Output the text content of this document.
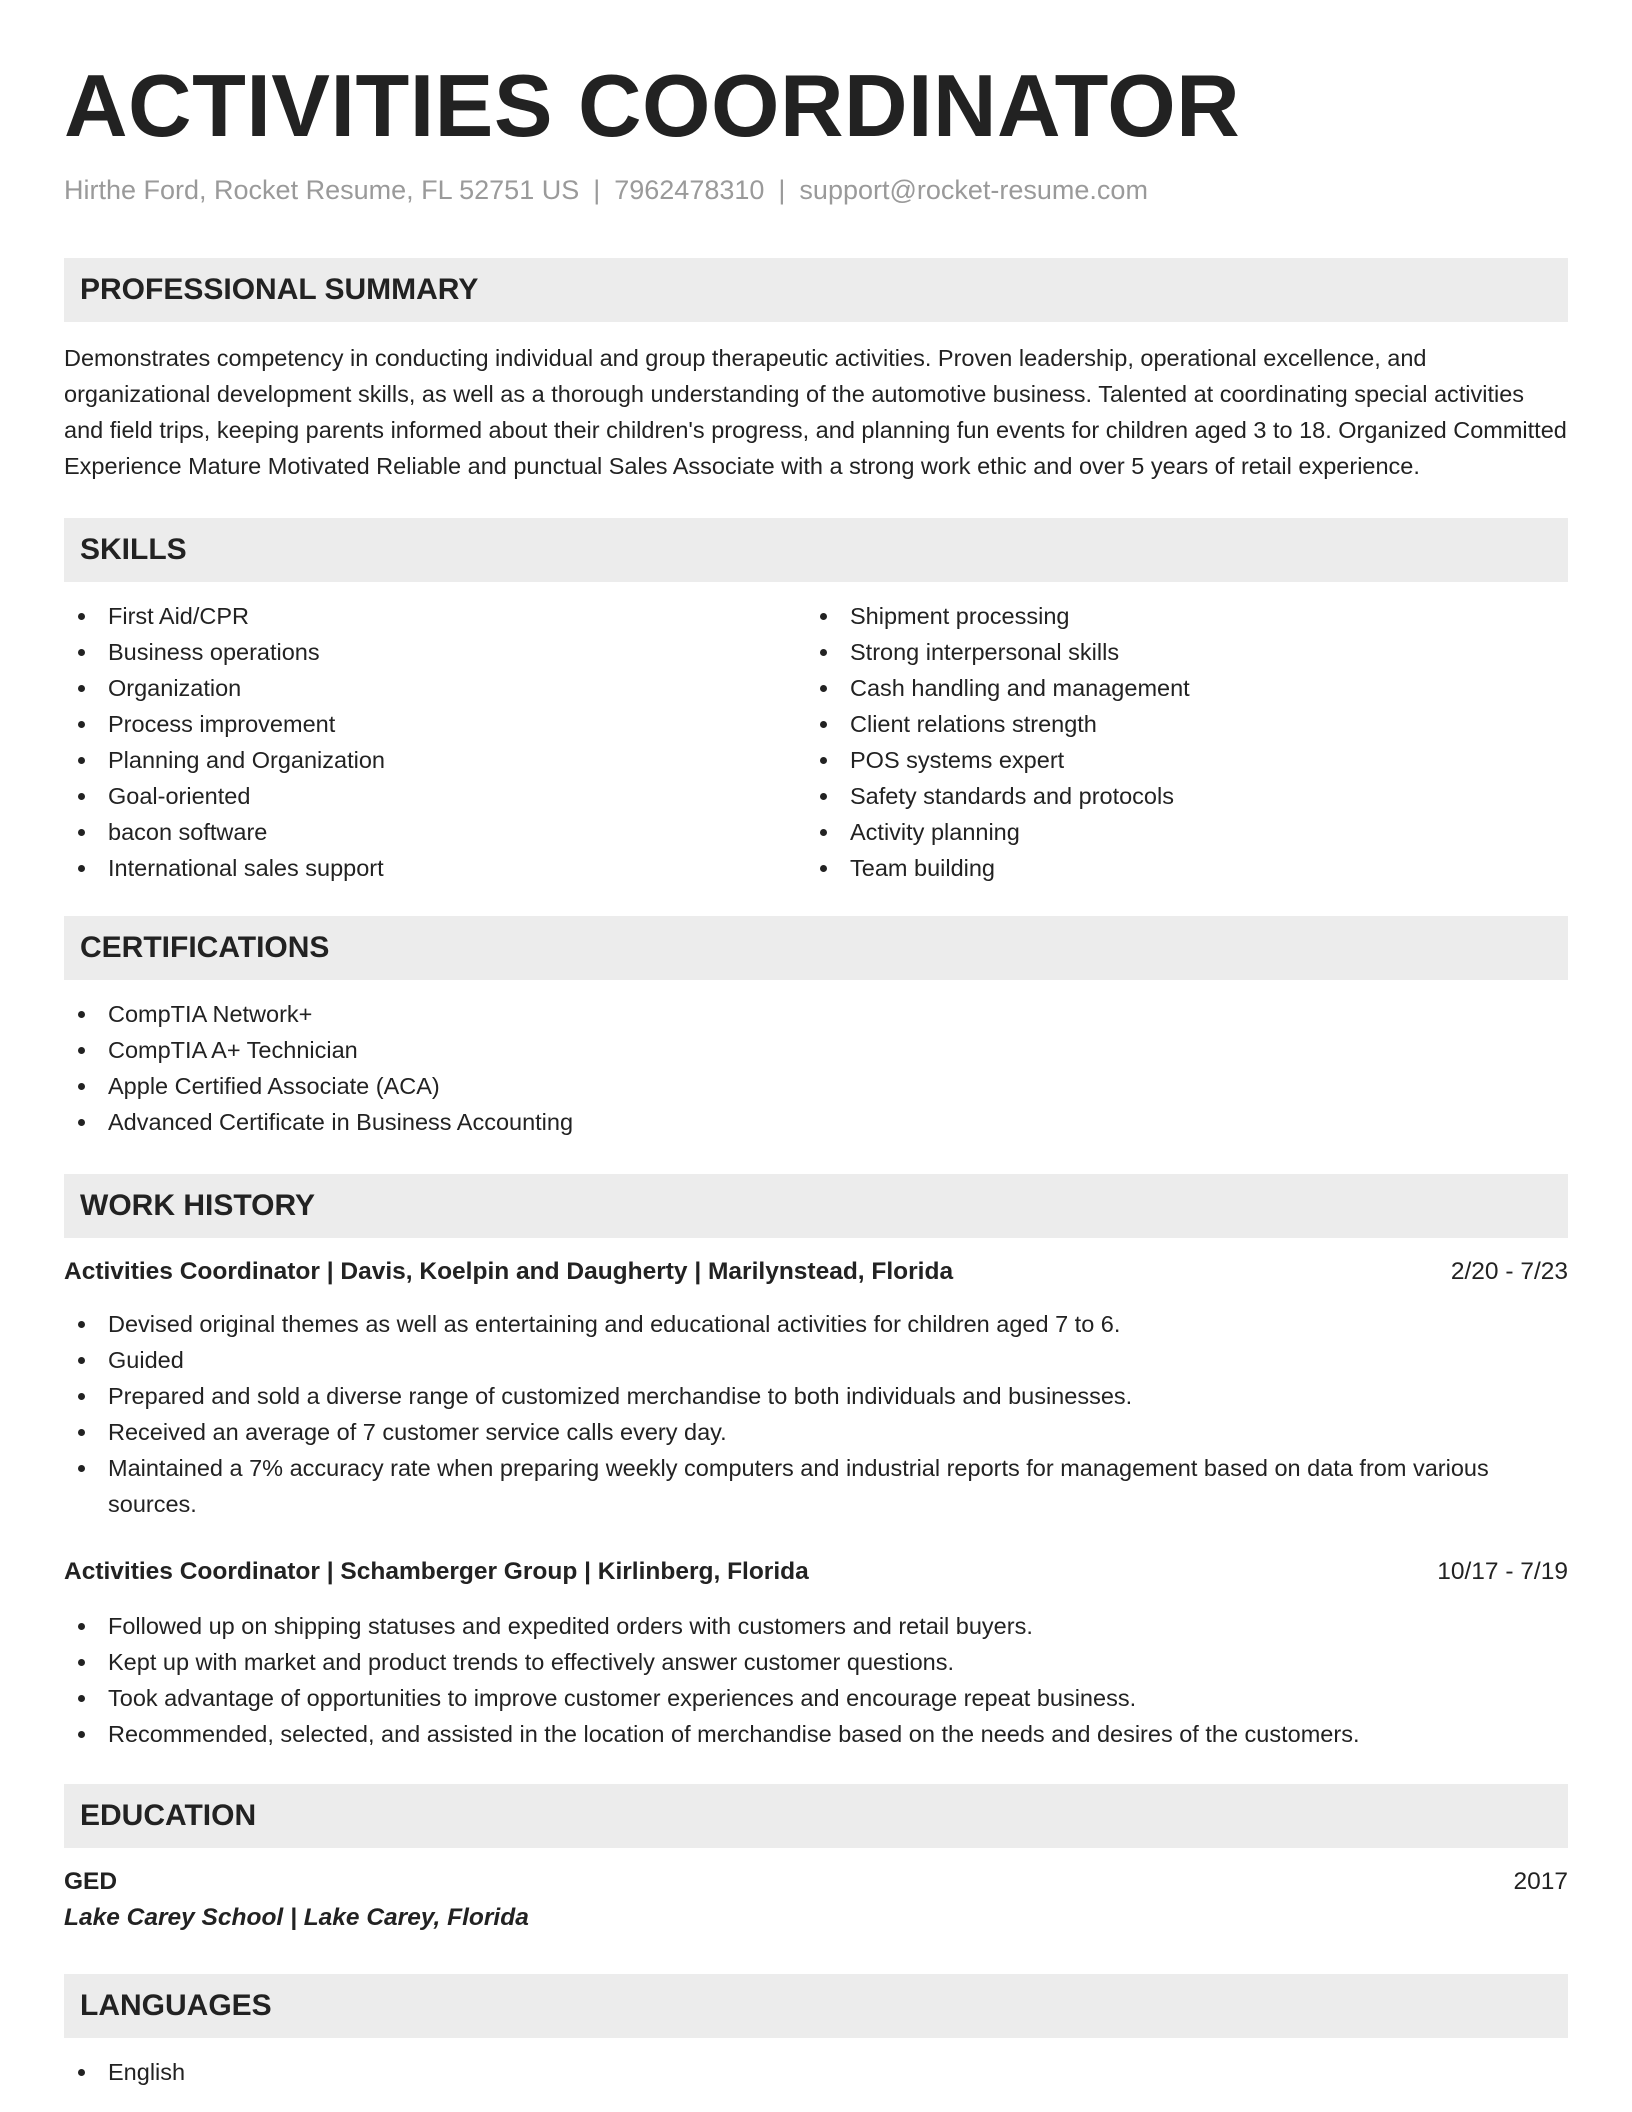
ACTIVITIES COORDINATOR
Hirthe Ford, Rocket Resume, FL 52751 US | 7962478310 | support@rocket-resume.com
PROFESSIONAL SUMMARY

Demonstrates competency in conducting individual and group therapeutic activities. Proven leadership, operational excellence, and organizational development skills, as well as a thorough understanding of the automotive business. Talented at coordinating special activities and field trips, keeping parents informed about their children's progress, and planning fun events for children aged 3 to 18. Organized Committed Experience Mature Motivated Reliable and punctual Sales Associate with a strong work ethic and over 5 years of retail experience.

SKILLS
First Aid/CPR
Business operations
Organization
Process improvement
Planning and Organization
Goal-oriented
bacon software
International sales support
Shipment processing
Strong interpersonal skills
Cash handling and management
Client relations strength
POS systems expert
Safety standards and protocols
Activity planning
Team building
CERTIFICATIONS
CompTIA Network+
CompTIA A+ Technician
Apple Certified Associate (ACA)
Advanced Certificate in Business Accounting
WORK HISTORY
Activities Coordinator | Davis, Koelpin and Daugherty | Marilynstead, Florida	2/20 - 7/23
Devised original themes as well as entertaining and educational activities for children aged 7 to 6.
Guided
Prepared and sold a diverse range of customized merchandise to both individuals and businesses.
Received an average of 7 customer service calls every day.
Maintained a 7% accuracy rate when preparing weekly computers and industrial reports for management based on data from various sources.
Activities Coordinator | Schamberger Group | Kirlinberg, Florida	10/17 - 7/19
Followed up on shipping statuses and expedited orders with customers and retail buyers.
Kept up with market and product trends to effectively answer customer questions.
Took advantage of opportunities to improve customer experiences and encourage repeat business.
Recommended, selected, and assisted in the location of merchandise based on the needs and desires of the customers.
EDUCATION
GED	2017
Lake Carey School | Lake Carey, Florida
LANGUAGES
English
